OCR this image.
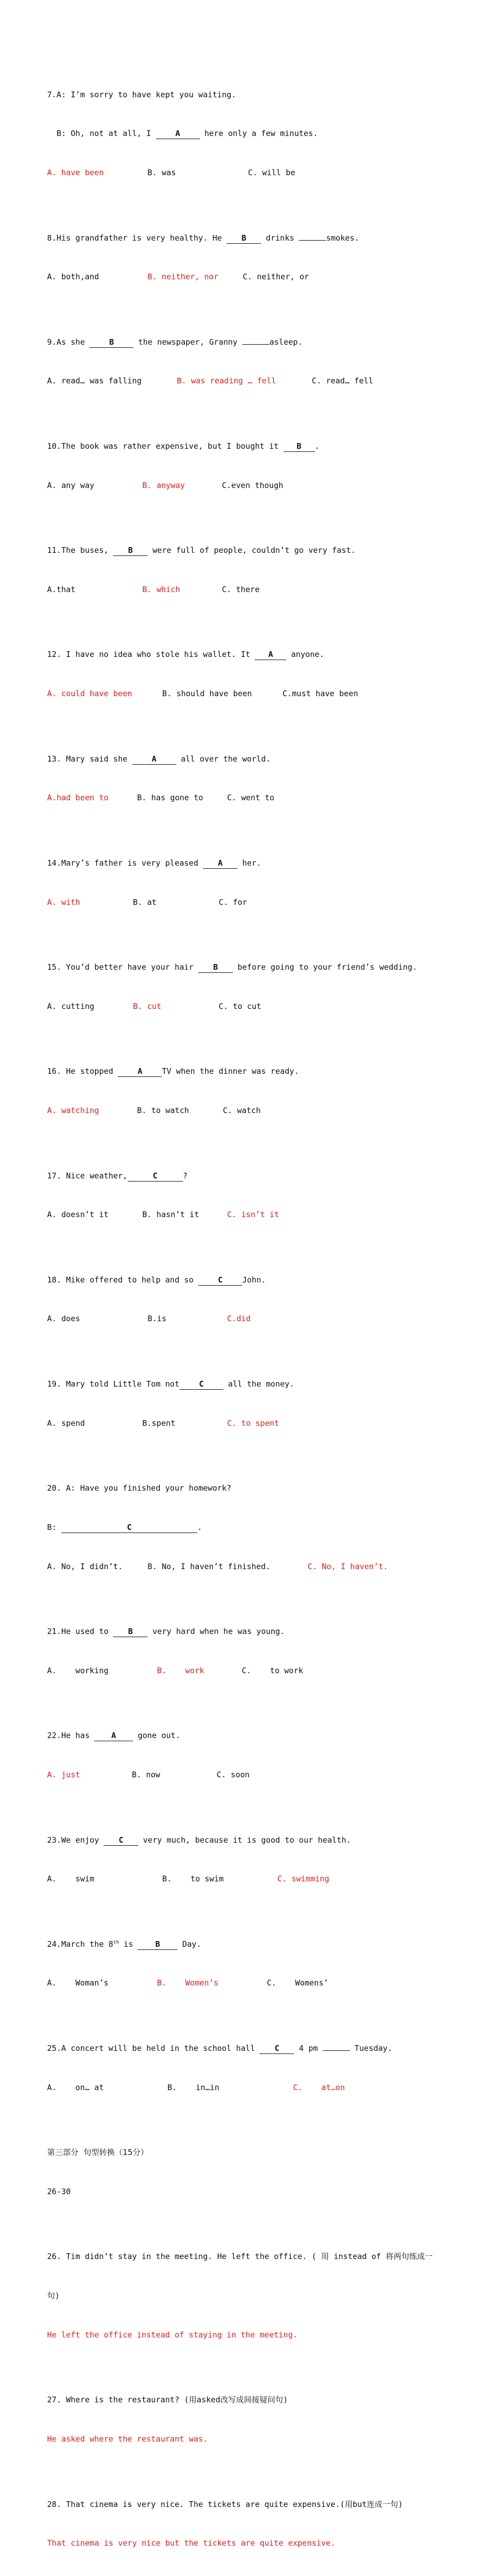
7.A: I’m sorry to have kept you waiting.

B: Oh, not at all, I A here only a few minutes.

A. have been	B. was	C. will be

8.His grandfather is very healthy. He B drinks	smokes.

A. both,and	B. neither, nor	C. neither, or

9.As she B the newspaper, Granny	asleep.

A. read… was falling	B. was reading … fell	C. read… fell

10.The book was rather expensive, but I bought it B .

A. any way	B. anyway	C.even though

11.The buses, B were full of people, couldn’t go very fast.

A.that	B. which	C. there

12. I have no idea who stole his wallet. It A anyone.

A. could have been	B. should have been	C.must have been

13. Mary said she A all over the world.

A.had been to	B. has gone to	C. went to

14.Mary’s father is very pleased A her.

A. with	B. at	C. for

15. You’d better have your hair B before going to your friend’s wedding.

A. cutting	B. cut	C. to cut

16. He stopped A TV when the dinner was ready.

A. watching	B. to watch	C. watch

17. Nice weather,	C	?

A. doesn’t it	B. hasn’t it	C. isn’t it

18. Mike offered to help and so C John.

A. does	B.is	C.did

19. Mary told Little Tom not C all the money.

A. spend	B.spent	C. to spent

20. A: Have you finished your homework?

B:	C	.

A. No, I didn’t.	B. No, I haven’t finished.	C. No, I haven’t.

21.He used to B very hard when he was young.

A.    working	B.    work	C.    to work

22.He has A gone out.

A. just	B. now	C. soon

23.We enjoy C very much, because it is good to our health.

A.    swim	B.    to swim	C. swimming

24.March the 8th is B Day.

A.    Woman’s	B.    Women’s	C.    Womens’

25.A concert will be held in the school hall C 4 pm	Tuesday.

A.    on… at	B.    in…in	C.    at…on

第三部分  句型转换（15分）

26-30

26. Tim didn’t stay in the meeting. He left the office. ( 用 instead of 将两句练成一

句)

He left the office instead of staying in the meeting.

27. Where is the restaurant? (用asked改写成间接疑问句)

He asked where the restaurant was.

28. That cinema is very nice. The tickets are quite expensive.(用but连成一句)

That cinema is very nice but the tickets are quite expensive.
